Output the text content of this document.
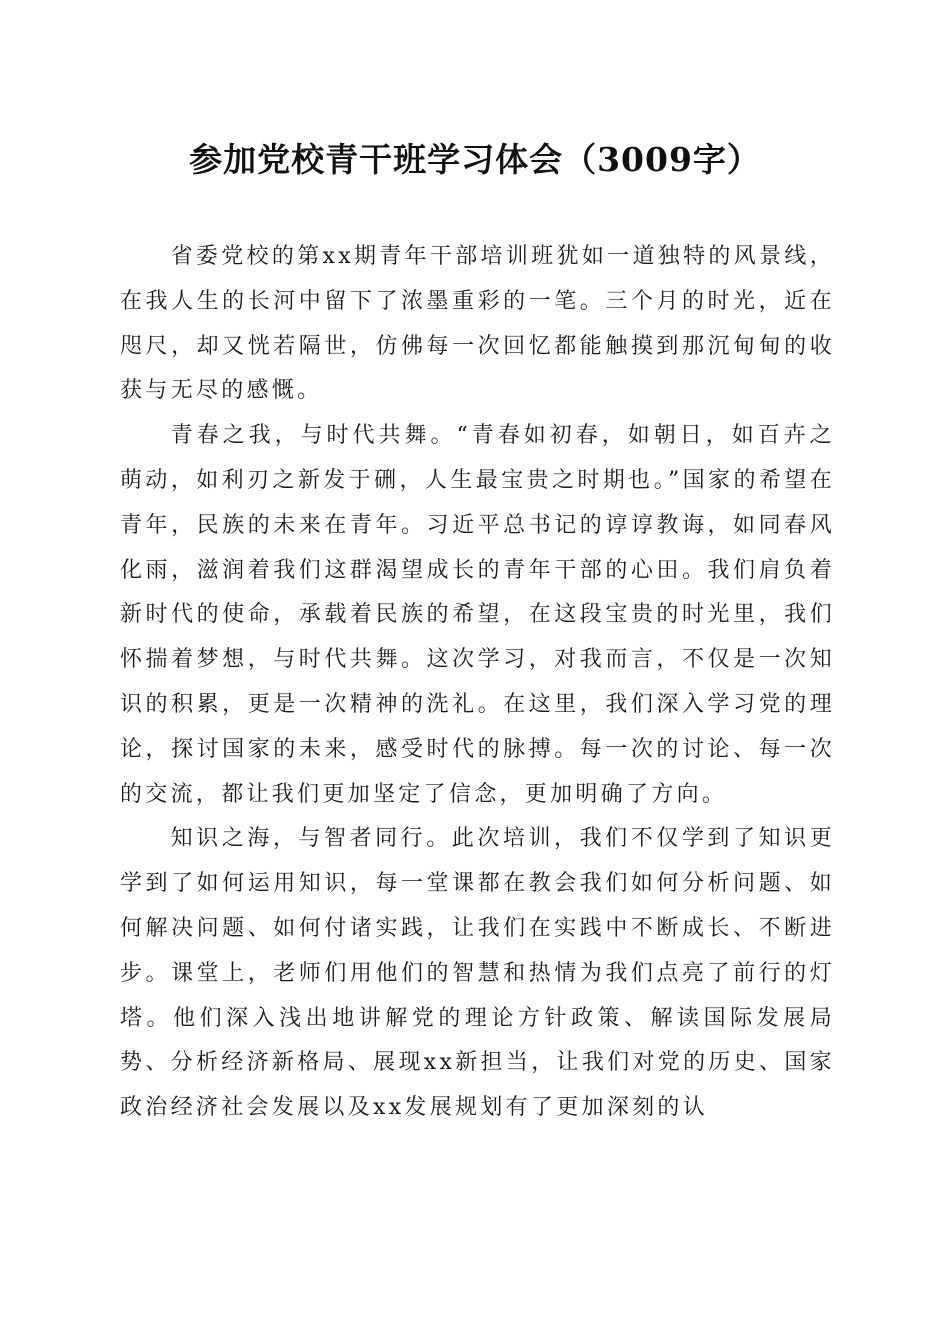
参加党校青干班学习体会（3009字）

省委党校的第xx期青年干部培训班犹如一道独特的风景线，在我人生的长河中留下了浓墨重彩的一笔。三个月的时光，近在咫尺，却又恍若隔世，仿佛每一次回忆都能触摸到那沉甸甸的收获与无尽的感慨。

青春之我，与时代共舞。“青春如初春，如朝日，如百卉之萌动，如利刃之新发于硎，人生最宝贵之时期也。”国家的希望在青年，民族的未来在青年。习近平总书记的谆谆教诲，如同春风化雨，滋润着我们这群渴望成长的青年干部的心田。我们肩负着新时代的使命，承载着民族的希望，在这段宝贵的时光里，我们怀揣着梦想，与时代共舞。这次学习，对我而言，不仅是一次知识的积累，更是一次精神的洗礼。在这里，我们深入学习党的理论，探讨国家的未来，感受时代的脉搏。每一次的讨论、每一次的交流，都让我们更加坚定了信念，更加明确了方向。

知识之海，与智者同行。此次培训，我们不仅学到了知识更学到了如何运用知识，每一堂课都在教会我们如何分析问题、如何解决问题、如何付诸实践，让我们在实践中不断成长、不断进步。课堂上，老师们用他们的智慧和热情为我们点亮了前行的灯塔。他们深入浅出地讲解党的理论方针政策、解读国际发展局势、分析经济新格局、展现xx新担当，让我们对党的历史、国家政治经济社会发展以及xx发展规划有了更加深刻的认
